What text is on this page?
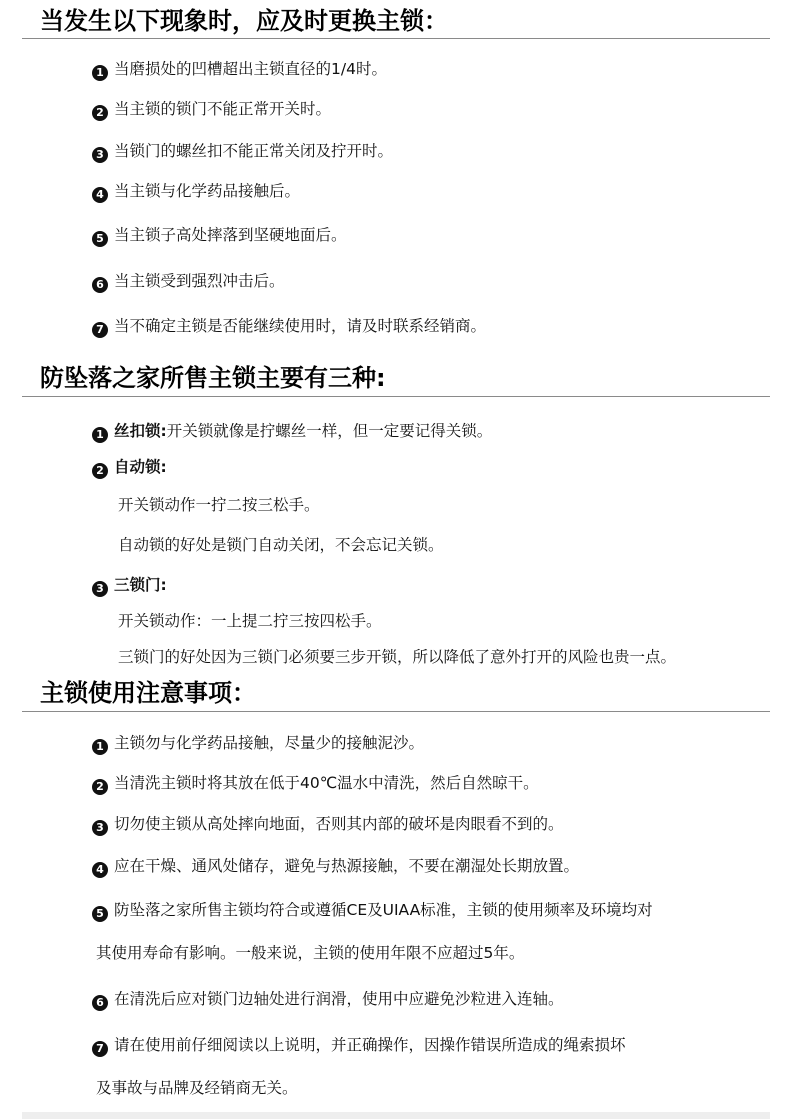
当发生以下现象时，应及时更换主锁：

1 当磨损处的凹槽超出主锁直径的1/4时。

2 当主锁的锁门不能正常开关时。

3 当锁门的螺丝扣不能正常关闭及拧开时。

4 当主锁与化学药品接触后。

5 当主锁子高处摔落到坚硬地面后。

6 当主锁受到强烈冲击后。

7 当不确定主锁是否能继续使用时，请及时联系经销商。

防坠落之家所售主锁主要有三种:

1 丝扣锁:开关锁就像是拧螺丝一样，但一定要记得关锁。

2 自动锁:

开关锁动作一拧二按三松手。

自动锁的好处是锁门自动关闭，不会忘记关锁。

3 三锁门:

开关锁动作：一上提二拧三按四松手。

三锁门的好处因为三锁门必须要三步开锁，所以降低了意外打开的风险也贵一点。

主锁使用注意事项：

1 主锁勿与化学药品接触，尽量少的接触泥沙。

2 当清洗主锁时将其放在低于40℃温水中清洗，然后自然晾干。

3 切勿使主锁从高处摔向地面，否则其内部的破坏是肉眼看不到的。

4 应在干燥、通风处储存，避免与热源接触，不要在潮湿处长期放置。

5 防坠落之家所售主锁均符合或遵循CE及UIAA标准，主锁的使用频率及环境均对

其使用寿命有影响。一般来说，主锁的使用年限不应超过5年。

6 在清洗后应对锁门边轴处进行润滑，使用中应避免沙粒进入连轴。

7 请在使用前仔细阅读以上说明，并正确操作，因操作错误所造成的绳索损坏

及事故与品牌及经销商无关。
